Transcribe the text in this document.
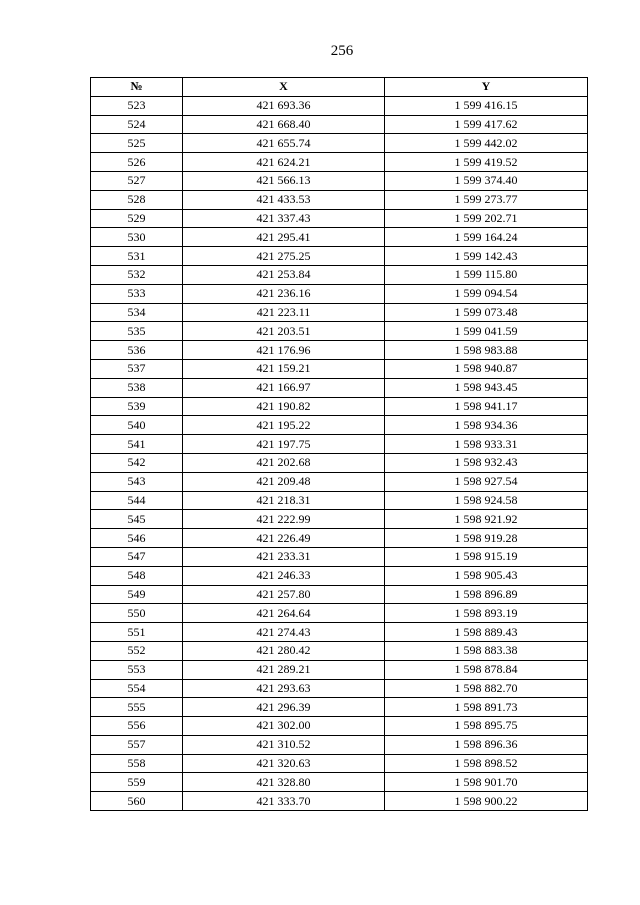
256
№	X	Y
523	421 693.36	1 599 416.15
524	421 668.40	1 599 417.62
525	421 655.74	1 599 442.02
526	421 624.21	1 599 419.52
527	421 566.13	1 599 374.40
528	421 433.53	1 599 273.77
529	421 337.43	1 599 202.71
530	421 295.41	1 599 164.24
531	421 275.25	1 599 142.43
532	421 253.84	1 599 115.80
533	421 236.16	1 599 094.54
534	421 223.11	1 599 073.48
535	421 203.51	1 599 041.59
536	421 176.96	1 598 983.88
537	421 159.21	1 598 940.87
538	421 166.97	1 598 943.45
539	421 190.82	1 598 941.17
540	421 195.22	1 598 934.36
541	421 197.75	1 598 933.31
542	421 202.68	1 598 932.43
543	421 209.48	1 598 927.54
544	421 218.31	1 598 924.58
545	421 222.99	1 598 921.92
546	421 226.49	1 598 919.28
547	421 233.31	1 598 915.19
548	421 246.33	1 598 905.43
549	421 257.80	1 598 896.89
550	421 264.64	1 598 893.19
551	421 274.43	1 598 889.43
552	421 280.42	1 598 883.38
553	421 289.21	1 598 878.84
554	421 293.63	1 598 882.70
555	421 296.39	1 598 891.73
556	421 302.00	1 598 895.75
557	421 310.52	1 598 896.36
558	421 320.63	1 598 898.52
559	421 328.80	1 598 901.70
560	421 333.70	1 598 900.22
